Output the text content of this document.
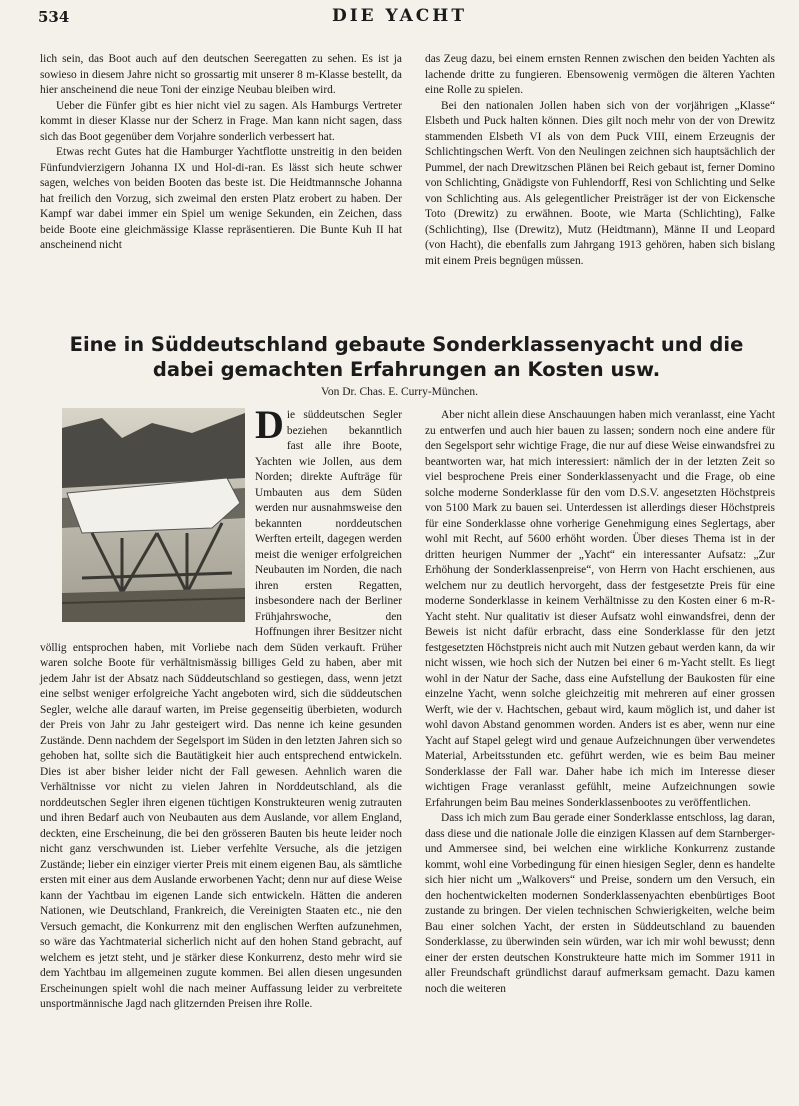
534	DIE YACHT

lich sein, das Boot auch auf den deutschen Seeregatten zu sehen. Es ist ja sowieso in diesem Jahre nicht so grossartig mit unserer 8 m-Klasse bestellt, da hier anscheinend die neue Toni der einzige Neubau bleiben wird.

Ueber die Fünfer gibt es hier nicht viel zu sagen. Als Hamburgs Vertreter kommt in dieser Klasse nur der Scherz in Frage. Man kann nicht sagen, dass sich das Boot gegenüber dem Vorjahre sonderlich verbessert hat.

Etwas recht Gutes hat die Hamburger Yachtflotte unstreitig in den beiden Fünfundvierzigern Johanna IX und Hol-di-ran. Es lässt sich heute schwer sagen, welches von beiden Booten das beste ist. Die Heidtmannsche Johanna hat freilich den Vorzug, sich zweimal den ersten Platz erobert zu haben. Der Kampf war dabei immer ein Spiel um wenige Sekunden, ein Zeichen, dass beide Boote eine gleichmässige Klasse repräsentieren. Die Bunte Kuh II hat anscheinend nicht

das Zeug dazu, bei einem ernsten Rennen zwischen den beiden Yachten als lachende dritte zu fungieren. Ebensowenig vermögen die älteren Yachten eine Rolle zu spielen.

Bei den nationalen Jollen haben sich von der vorjährigen „Klasse“ Elsbeth und Puck halten können. Dies gilt noch mehr von der von Drewitz stammenden Elsbeth VI als von dem Puck VIII, einem Erzeugnis der Schlichtingschen Werft. Von den Neulingen zeichnen sich hauptsächlich der Pummel, der nach Drewitzschen Plänen bei Reich gebaut ist, ferner Domino von Schlichting, Gnädigste von Fuhlendorff, Resi von Schlichting und Selke von Schlichting aus. Als gelegentlicher Preisträger ist der von Eickensche Toto (Drewitz) zu erwähnen. Boote, wie Marta (Schlichting), Falke (Schlichting), Ilse (Drewitz), Mutz (Heidtmann), Männe II und Leopard (von Hacht), die ebenfalls zum Jahrgang 1913 gehören, haben sich bislang mit einem Preis begnügen müssen.

Eine in Süddeutschland gebaute Sonderklassenyacht und die dabei gemachten Erfahrungen an Kosten usw.
Von Dr. Chas. E. Curry-München.

Die süddeutschen Segler beziehen bekanntlich fast alle ihre Boote, Yachten wie Jollen, aus dem Norden; direkte Aufträge für Umbauten aus dem Süden werden nur ausnahmsweise den bekannten norddeutschen Werften erteilt, dagegen werden meist die weniger erfolgreichen Neubauten im Norden, die nach ihren ersten Regatten, insbesondere nach der Berliner Frühjahrswoche, den Hoffnungen ihrer Besitzer nicht völlig entsprochen haben, mit Vorliebe nach dem Süden verkauft. Früher waren solche Boote für verhältnismässig billiges Geld zu haben, aber mit jedem Jahr ist der Absatz nach Süddeutschland so gestiegen, dass, wenn jetzt eine selbst weniger erfolgreiche Yacht angeboten wird, sich die süddeutschen Segler, welche alle darauf warten, im Preise gegenseitig überbieten, wodurch der Preis von Jahr zu Jahr gesteigert wird. Das nenne ich keine gesunden Zustände. Denn nachdem der Segelsport im Süden in den letzten Jahren sich so gehoben hat, sollte sich die Bautätigkeit hier auch entsprechend entwickeln. Dies ist aber bisher leider nicht der Fall gewesen. Aehnlich waren die Verhältnisse vor nicht zu vielen Jahren in Norddeutschland, als die norddeutschen Segler ihren eigenen tüchtigen Konstrukteuren wenig zutrauten und ihren Bedarf auch von Neubauten aus dem Auslande, vor allem England, deckten, eine Erscheinung, die bei den grösseren Bauten bis heute leider noch nicht ganz verschwunden ist. Lieber verfehlte Versuche, als die jetzigen Zustände; lieber ein einziger vierter Preis mit einem eigenen Bau, als sämtliche ersten mit einer aus dem Auslande erworbenen Yacht; denn nur auf diese Weise kann der Yachtbau im eigenen Lande sich entwickeln. Hätten die anderen Nationen, wie Deutschland, Frankreich, die Vereinigten Staaten etc., nie den Versuch gemacht, die Konkurrenz mit den englischen Werften aufzunehmen, so wäre das Yachtmaterial sicherlich nicht auf den hohen Stand gebracht, auf welchem es jetzt steht, und je stärker diese Konkurrenz, desto mehr wird sie dem Yachtbau im allgemeinen zugute kommen. Bei allen diesen ungesunden Erscheinungen spielt wohl die nach meiner Auffassung leider zu verbreitete unsportmännische Jagd nach glitzernden Preisen ihre Rolle.

Aber nicht allein diese Anschauungen haben mich veranlasst, eine Yacht zu entwerfen und auch hier bauen zu lassen; sondern noch eine andere für den Segelsport sehr wichtige Frage, die nur auf diese Weise einwandsfrei zu beantworten war, hat mich interessiert: nämlich der in der letzten Zeit so viel besprochene Preis einer Sonderklassenyacht und die Frage, ob eine solche moderne Sonderklasse für den vom D.S.V. angesetzten Höchstpreis von 5100 Mark zu bauen sei. Unterdessen ist allerdings dieser Höchstpreis für eine Sonderklasse ohne vorherige Genehmigung eines Seglertags, aber wohl mit Recht, auf 5600 erhöht worden. Über dieses Thema ist in der dritten heurigen Nummer der „Yacht“ ein interessanter Aufsatz: „Zur Erhöhung der Sonderklassenpreise“, von Herrn von Hacht erschienen, aus welchem nur zu deutlich hervorgeht, dass der festgesetzte Preis für eine moderne Sonderklasse in keinem Verhältnisse zu den Kosten einer 6 m-R-Yacht steht. Nur qualitativ ist dieser Aufsatz wohl einwandsfrei, denn der Beweis ist nicht dafür erbracht, dass eine Sonderklasse für den jetzt festgesetzten Höchstpreis nicht auch mit Nutzen gebaut werden kann, da wir nicht wissen, wie hoch sich der Nutzen bei einer 6 m-Yacht stellt. Es liegt wohl in der Natur der Sache, dass eine Aufstellung der Baukosten für eine einzelne Yacht, wenn solche gleichzeitig mit mehreren auf einer grossen Werft, wie der v. Hachtschen, gebaut wird, kaum möglich ist, und daher ist wohl davon Abstand genommen worden. Anders ist es aber, wenn nur eine Yacht auf Stapel gelegt wird und genaue Aufzeichnungen über verwendetes Material, Arbeitsstunden etc. geführt werden, wie es beim Bau meiner Sonderklasse der Fall war. Daher habe ich mich im Interesse dieser wichtigen Frage veranlasst gefühlt, meine Aufzeichnungen sowie Erfahrungen beim Bau meines Sonderklassenbootes zu veröffentlichen.

Dass ich mich zum Bau gerade einer Sonderklasse entschloss, lag daran, dass diese und die nationale Jolle die einzigen Klassen auf dem Starnberger- und Ammersee sind, bei welchen eine wirkliche Konkurrenz zustande kommt, wohl eine Vorbedingung für einen hiesigen Segler, denn es handelte sich hier nicht um „Walkovers“ und Preise, sondern um den Versuch, ein den hochentwickelten modernen Sonderklassenyachten ebenbürtiges Boot zustande zu bringen. Der vielen technischen Schwierigkeiten, welche beim Bau einer solchen Yacht, der ersten in Süddeutschland zu bauenden Sonderklasse, zu überwinden sein würden, war ich mir wohl bewusst; denn einer der ersten deutschen Konstrukteure hatte mich im Sommer 1911 in aller Freundschaft gründlichst darauf aufmerksam gemacht. Dazu kamen noch die weiteren
